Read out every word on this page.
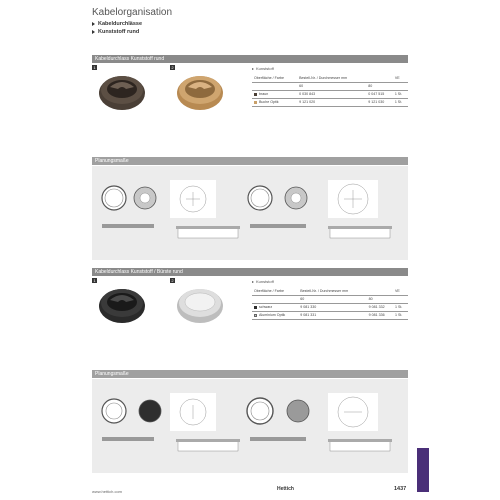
Kabelorganisation
Kabeldurchlässe
Kunststoff rund
Kabeldurchlass Kunststoff rund
1	2	Kunststoff
Oberfläche / Farbe	Bestell-Nr. / Durchmesser mm		VE
	60	80	
braun	0 030 843	0 047 515	1 St.
Buche Optik	9 121 020	9 121 030	1 St.
Planungsmaße
Kabeldurchlass Kunststoff / Bürste rund
1	2	Kunststoff
Oberfläche / Farbe	Bestell-Nr. / Durchmesser mm		VE
	60	80	
schwarz	9 081 330	9 081 332	1 St.
Aluminium Optik	9 081 331	9 081 336	1 St.
Planungsmaße
www.hettich.com	Hettich	1437
